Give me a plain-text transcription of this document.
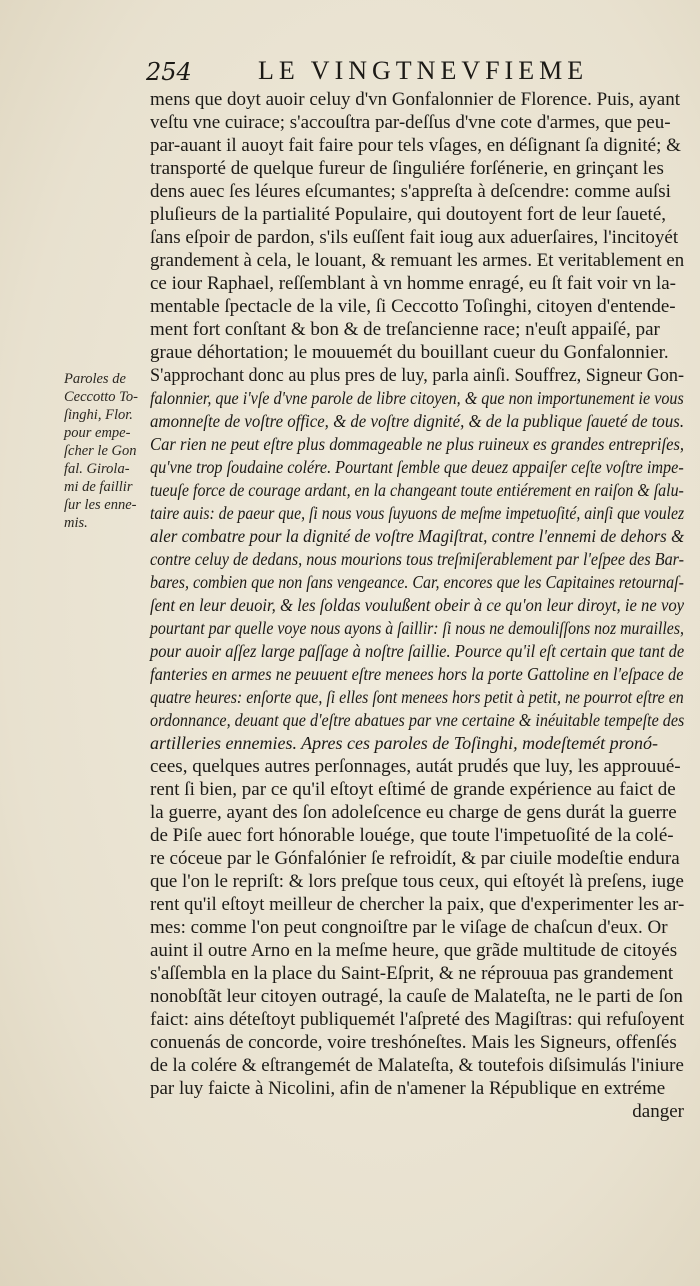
254	LE VINGTNEVFIEME
Paroles de
Ceccotto To-
ſinghi, Flor.
pour empe-
ſcher le Gon
fal. Girola-
mi de faillir
ſur les enne-
mis.
mens que doyt auoir celuy d'vn Gonfalonnier de Florence. Puis, ayant
veſtu vne cuirace; s'accouſtra par-deſſus d'vne cote d'armes, que peu-
par-auant il auoyt fait faire pour tels vſages, en déſignant ſa dignité; &
transporté de quelque fureur de ſinguliére forſénerie, en grinçant les
dens auec ſes léures eſcumantes; s'appreſta à deſcendre: comme auſsi
pluſieurs de la partialité Populaire, qui doutoyent fort de leur ſaueté,
ſans eſpoir de pardon, s'ils euſſent fait ioug aux aduerſaires, l'incitoyét
grandement à cela, le louant, & remuant les armes. Et veritablement en
ce iour Raphael, reſſemblant à vn homme enragé, eu ſt fait voir vn la-
mentable ſpectacle de la vile, ſi Ceccotto Toſinghi, citoyen d'entende-
ment fort conſtant & bon & de treſancienne race; n'euſt appaiſé, par
graue déhortation; le mouuemét du bouillant cueur du Gonfalonnier.
S'approchant donc au plus pres de luy, parla ainſi. Souffrez, Signeur Gon-
falonnier, que i'vſe d'vne parole de libre citoyen, & que non importunement ie vous
amonneſte de voſtre office, & de voſtre dignité, & de la publique ſaueté de tous.
Car rien ne peut eſtre plus dommageable ne plus ruineux es grandes entrepriſes,
qu'vne trop ſoudaine colére. Pourtant ſemble que deuez appaiſer ceſte voſtre impe-
tueuſe force de courage ardant, en la changeant toute entiérement en raiſon & ſalu-
taire auis: de paeur que, ſi nous vous ſuyuons de meſme impetuoſité, ainſi que voulez
aler combatre pour la dignité de voſtre Magiſtrat, contre l'ennemi de dehors &
contre celuy de dedans, nous mourions tous treſmiſerablement par l'eſpee des Bar-
bares, combien que non ſans vengeance. Car, encores que les Capitaines retournaſ-
ſent en leur deuoir, & les ſoldas voulußent obeir à ce qu'on leur diroyt, ie ne voy
pourtant par quelle voye nous ayons à ſaillir: ſi nous ne demouliſſons noz murailles,
pour auoir aſſez large paſſage à noſtre ſaillie. Pource qu'il eſt certain que tant de
fanteries en armes ne peuuent eſtre menees hors la porte Gattoline en l'eſpace de
quatre heures: enſorte que, ſi elles ſont menees hors petit à petit, ne pourrot eſtre en
ordonnance, deuant que d'eſtre abatues par vne certaine & inéuitable tempeſte des
artilleries ennemies. Apres ces paroles de Toſinghi, modeſtemét pronó-
cees, quelques autres perſonnages, autát prudés que luy, les approuué-
rent ſi bien, par ce qu'il eſtoyt eſtimé de grande expérience au faict de
la guerre, ayant des ſon adoleſcence eu charge de gens durát la guerre
de Piſe auec fort hónorable louége, que toute l'impetuoſité de la colé-
re cóceue par le Gónfalónier ſe refroidít, & par ciuile modeſtie endura
que l'on le repriſt: & lors preſque tous ceux, qui eſtoyét là preſens, iuge
rent qu'il eſtoyt meilleur de chercher la paix, que d'experimenter les ar-
mes: comme l'on peut congnoiſtre par le viſage de chaſcun d'eux. Or
auint il outre Arno en la meſme heure, que grãde multitude de citoyés
s'aſſembla en la place du Saint-Eſprit, & ne réprouua pas grandement
nonobſtãt leur citoyen outragé, la cauſe de Malateſta, ne le parti de ſon
faict: ains déteſtoyt publiquemét l'aſpreté des Magiſtras: qui refuſoyent
conuenás de concorde, voire treshóneſtes. Mais les Signeurs, offenſés
de la colére & eſtrangemét de Malateſta, & toutefois diſsimulás l'iniure
par luy faicte à Nicolini, afin de n'amener la République en extréme
danger
